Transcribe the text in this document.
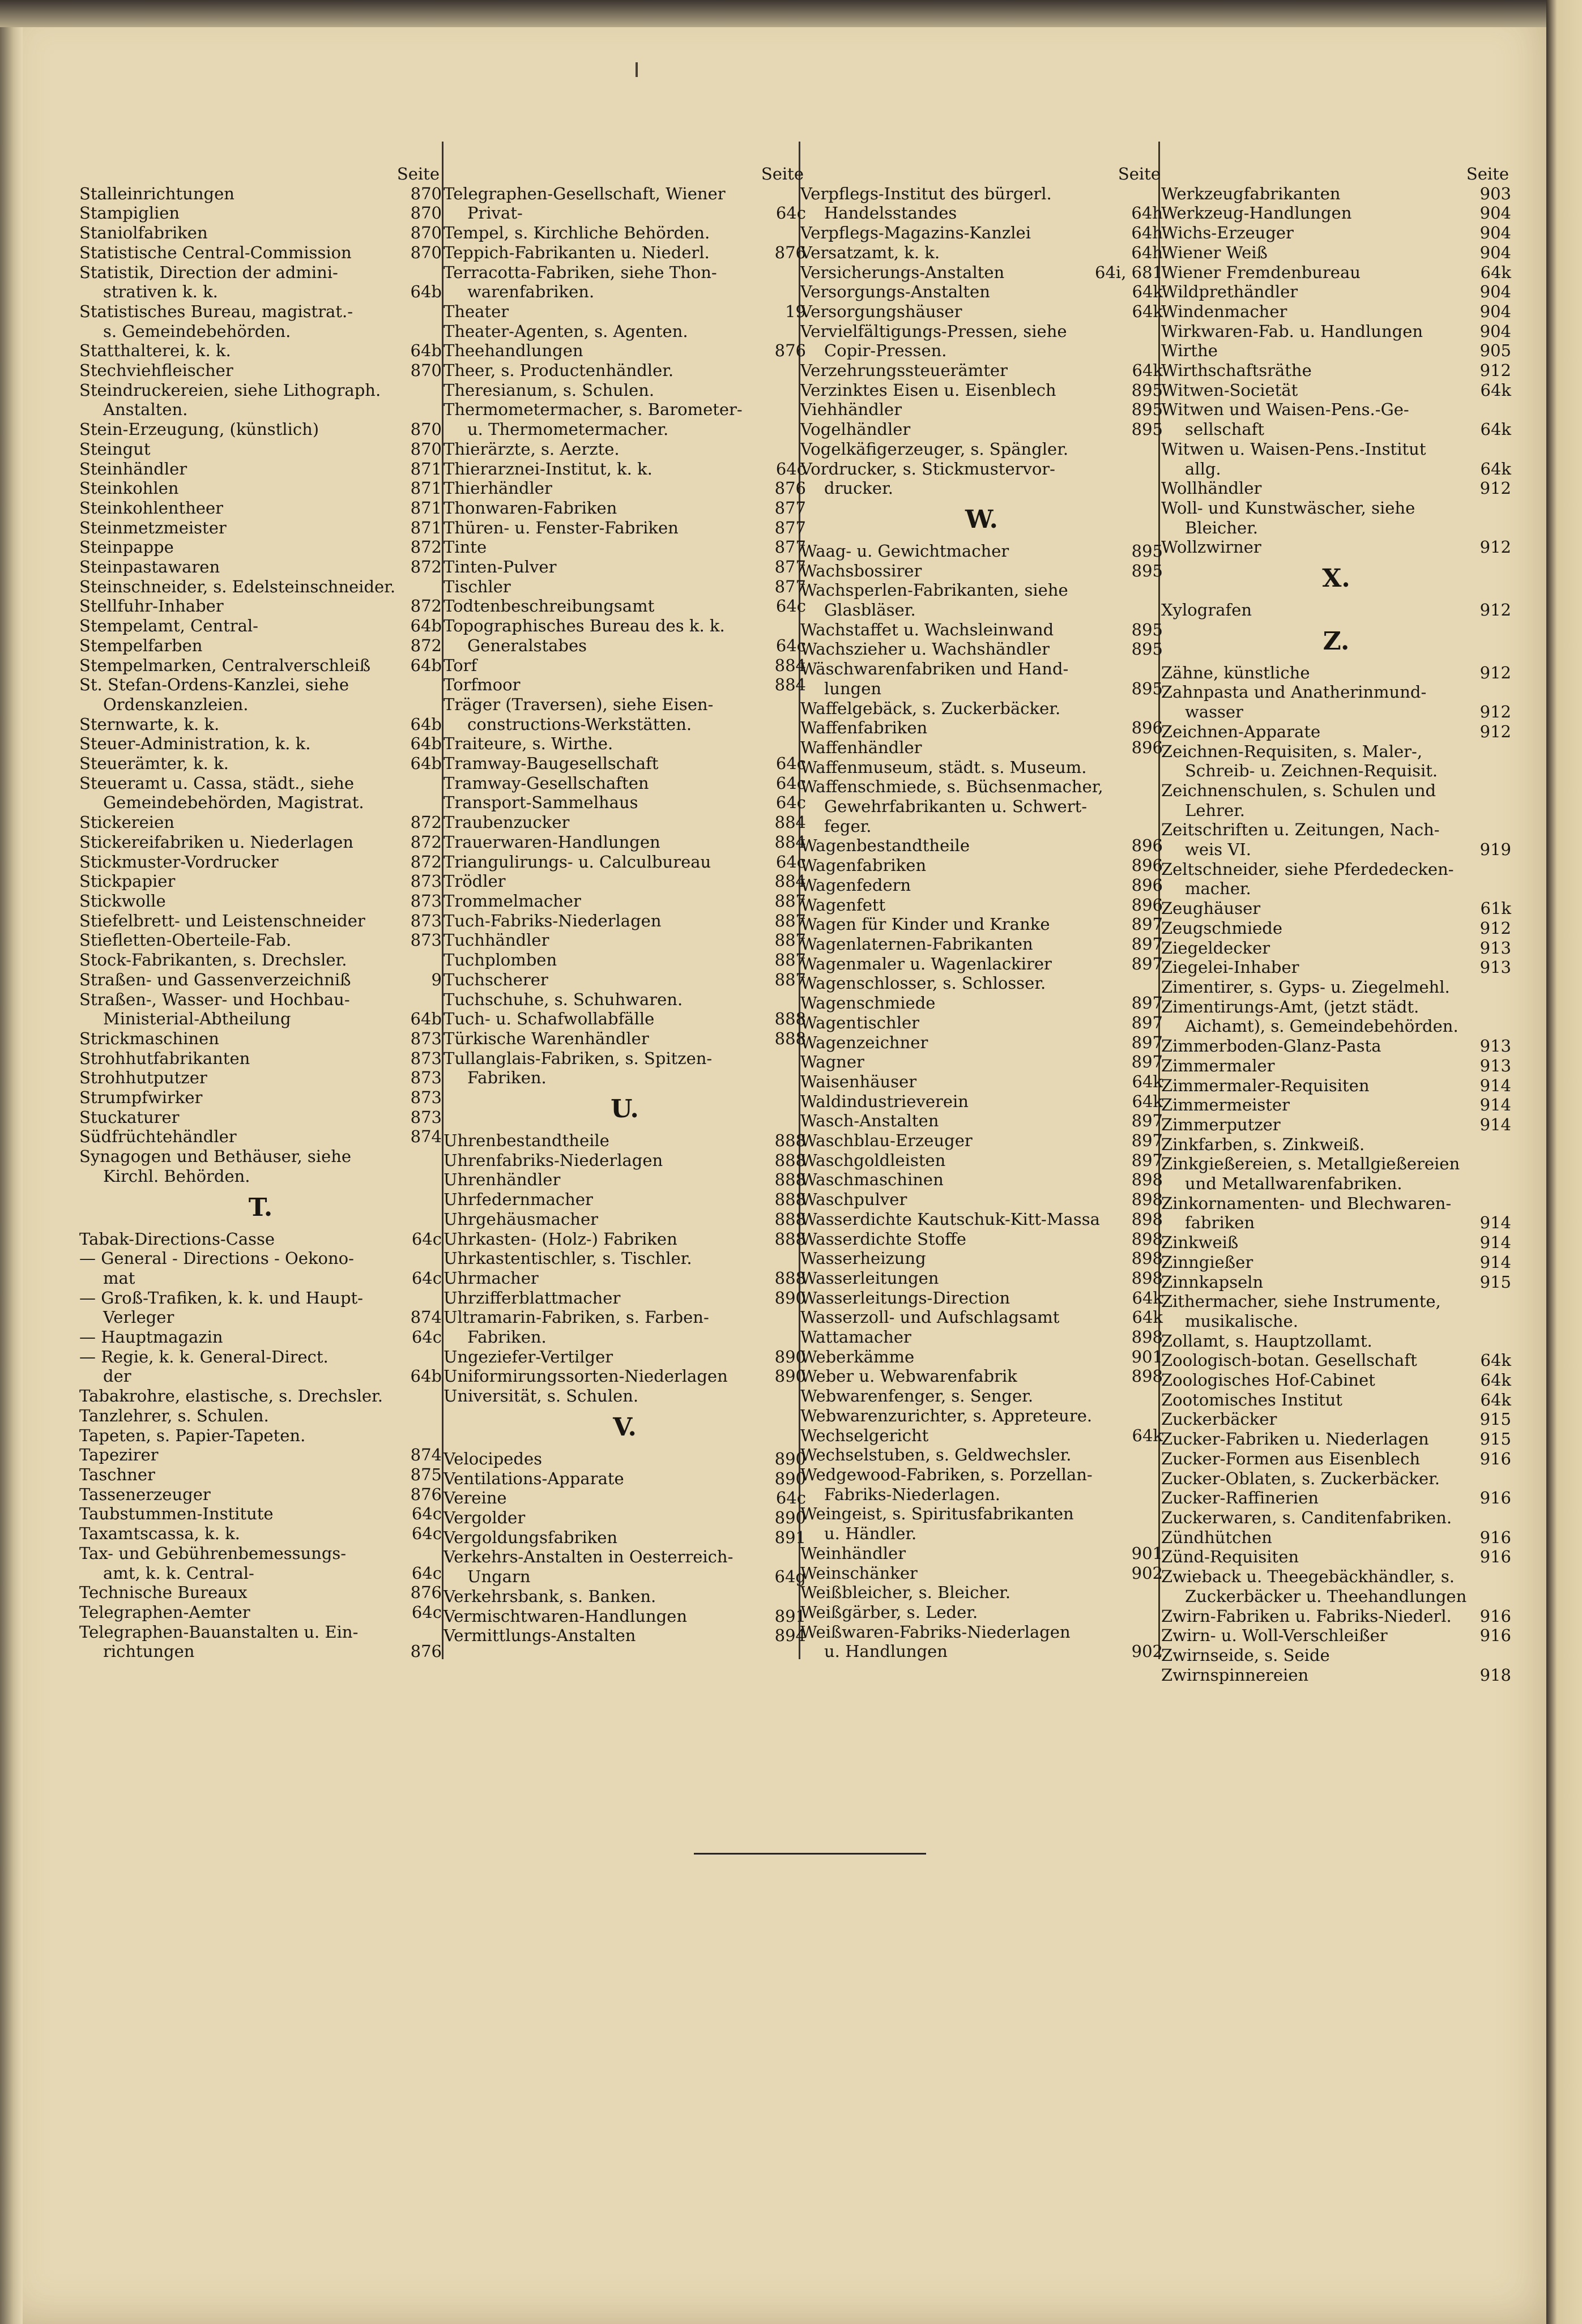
Seite
Stalleinrichtungen	870
Stampiglien	870
Staniolfabriken	870
Statistische Central-Commission	870
Statistik, Direction der admini-
strativen k. k.	64b
Statistisches Bureau, magistrat.-
s. Gemeindebehörden.
Statthalterei, k. k.	64b
Stechviehfleischer	870
Steindruckereien, siehe Lithograph.
Anstalten.
Stein-Erzeugung, (künstlich)	870
Steingut	870
Steinhändler	871
Steinkohlen	871
Steinkohlentheer	871
Steinmetzmeister	871
Steinpappe	872
Steinpastawaren	872
Steinschneider, s. Edelsteinschneider.
Stellfuhr-Inhaber	872
Stempelamt, Central-	64b
Stempelfarben	872
Stempelmarken, Centralverschleiß	64b
St. Stefan-Ordens-Kanzlei, siehe
Ordenskanzleien.
Sternwarte, k. k.	64b
Steuer-Administration, k. k.	64b
Steuerämter, k. k.	64b
Steueramt u. Cassa, städt., siehe
Gemeindebehörden, Magistrat.
Stickereien	872
Stickereifabriken u. Niederlagen	872
Stickmuster-Vordrucker	872
Stickpapier	873
Stickwolle	873
Stiefelbrett- und Leistenschneider	873
Stiefletten-Oberteile-Fab.	873
Stock-Fabrikanten, s. Drechsler.
Straßen- und Gassenverzeichniß	9
Straßen-, Wasser- und Hochbau-
Ministerial-Abtheilung	64b
Strickmaschinen	873
Strohhutfabrikanten	873
Strohhutputzer	873
Strumpfwirker	873
Stuckaturer	873
Südfrüchtehändler	874
Synagogen und Bethäuser, siehe
Kirchl. Behörden.
T.
Tabak-Directions-Casse	64c
— General - Directions - Oekono-
mat	64c
— Groß-Trafiken, k. k. und Haupt-
Verleger	874
— Hauptmagazin	64c
— Regie, k. k. General-Direct.
der	64b
Tabakrohre, elastische, s. Drechsler.
Tanzlehrer, s. Schulen.
Tapeten, s. Papier-Tapeten.
Tapezirer	874
Taschner	875
Tassenerzeuger	876
Taubstummen-Institute	64c
Taxamtscassa, k. k.	64c
Tax- und Gebührenbemessungs-
amt, k. k. Central-	64c
Technische Bureaux	876
Telegraphen-Aemter	64c
Telegraphen-Bauanstalten u. Ein-
richtungen	876
Seite
Telegraphen-Gesellschaft, Wiener
Privat-	64c
Tempel, s. Kirchliche Behörden.
Teppich-Fabrikanten u. Niederl.	876
Terracotta-Fabriken, siehe Thon-
warenfabriken.
Theater	19
Theater-Agenten, s. Agenten.
Theehandlungen	876
Theer, s. Productenhändler.
Theresianum, s. Schulen.
Thermometermacher, s. Barometer-
u. Thermometermacher.
Thierärzte, s. Aerzte.
Thierarznei-Institut, k. k.	64c
Thierhändler	876
Thonwaren-Fabriken	877
Thüren- u. Fenster-Fabriken	877
Tinte	877
Tinten-Pulver	877
Tischler	877
Todtenbeschreibungsamt	64c
Topographisches Bureau des k. k.
Generalstabes	64c
Torf	884
Torfmoor	884
Träger (Traversen), siehe Eisen-
constructions-Werkstätten.
Traiteure, s. Wirthe.
Tramway-Baugesellschaft	64c
Tramway-Gesellschaften	64c
Transport-Sammelhaus	64c
Traubenzucker	884
Trauerwaren-Handlungen	884
Triangulirungs- u. Calculbureau	64c
Trödler	884
Trommelmacher	887
Tuch-Fabriks-Niederlagen	887
Tuchhändler	887
Tuchplomben	887
Tuchscherer	887
Tuchschuhe, s. Schuhwaren.
Tuch- u. Schafwollabfälle	888
Türkische Warenhändler	888
Tullanglais-Fabriken, s. Spitzen-
Fabriken.
U.
Uhrenbestandtheile	888
Uhrenfabriks-Niederlagen	888
Uhrenhändler	888
Uhrfedernmacher	888
Uhrgehäusmacher	888
Uhrkasten- (Holz-) Fabriken	888
Uhrkastentischler, s. Tischler.
Uhrmacher	888
Uhrzifferblattmacher	890
Ultramarin-Fabriken, s. Farben-
Fabriken.
Ungeziefer-Vertilger	890
Uniformirungssorten-Niederlagen	890
Universität, s. Schulen.
V.
Velocipedes	890
Ventilations-Apparate	890
Vereine	64c
Vergolder	890
Vergoldungsfabriken	891
Verkehrs-Anstalten in Oesterreich-
Ungarn	64g
Verkehrsbank, s. Banken.
Vermischtwaren-Handlungen	891
Vermittlungs-Anstalten	894
Seite
Verpflegs-Institut des bürgerl.
Handelsstandes	64h
Verpflegs-Magazins-Kanzlei	64h
Versatzamt, k. k.	64h
Versicherungs-Anstalten	64i, 681
Versorgungs-Anstalten	64k
Versorgungshäuser	64k
Vervielfältigungs-Pressen, siehe
Copir-Pressen.
Verzehrungssteuerämter	64k
Verzinktes Eisen u. Eisenblech	895
Viehhändler	895
Vogelhändler	895
Vogelkäfigerzeuger, s. Spängler.
Vordrucker, s. Stickmustervor-
drucker.
W.
Waag- u. Gewichtmacher	895
Wachsbossirer	895
Wachsperlen-Fabrikanten, siehe
Glasbläser.
Wachstaffet u. Wachsleinwand	895
Wachszieher u. Wachshändler	895
Wäschwarenfabriken und Hand-
lungen	895
Waffelgebäck, s. Zuckerbäcker.
Waffenfabriken	896
Waffenhändler	896
Waffenmuseum, städt. s. Museum.
Waffenschmiede, s. Büchsenmacher,
Gewehrfabrikanten u. Schwert-
feger.
Wagenbestandtheile	896
Wagenfabriken	896
Wagenfedern	896
Wagenfett	896
Wagen für Kinder und Kranke	897
Wagenlaternen-Fabrikanten	897
Wagenmaler u. Wagenlackirer	897
Wagenschlosser, s. Schlosser.
Wagenschmiede	897
Wagentischler	897
Wagenzeichner	897
Wagner	897
Waisenhäuser	64k
Waldindustrieverein	64k
Wasch-Anstalten	897
Waschblau-Erzeuger	897
Waschgoldleisten	897
Waschmaschinen	898
Waschpulver	898
Wasserdichte Kautschuk-Kitt-Massa	898
Wasserdichte Stoffe	898
Wasserheizung	898
Wasserleitungen	898
Wasserleitungs-Direction	64k
Wasserzoll- und Aufschlagsamt	64k
Wattamacher	898
Weberkämme	901
Weber u. Webwarenfabrik	898
Webwarenfenger, s. Senger.
Webwarenzurichter, s. Appreteure.
Wechselgericht	64k
Wechselstuben, s. Geldwechsler.
Wedgewood-Fabriken, s. Porzellan-
Fabriks-Niederlagen.
Weingeist, s. Spiritusfabrikanten
u. Händler.
Weinhändler	901
Weinschänker	902
Weißbleicher, s. Bleicher.
Weißgärber, s. Leder.
Weißwaren-Fabriks-Niederlagen
u. Handlungen	902
Seite
Werkzeugfabrikanten	903
Werkzeug-Handlungen	904
Wichs-Erzeuger	904
Wiener Weiß	904
Wiener Fremdenbureau	64k
Wildprethändler	904
Windenmacher	904
Wirkwaren-Fab. u. Handlungen	904
Wirthe	905
Wirthschaftsräthe	912
Witwen-Societät	64k
Witwen und Waisen-Pens.-Ge-
sellschaft	64k
Witwen u. Waisen-Pens.-Institut
allg.	64k
Wollhändler	912
Woll- und Kunstwäscher, siehe
Bleicher.
Wollzwirner	912
X.
Xylografen	912
Z.
Zähne, künstliche	912
Zahnpasta und Anatherinmund-
wasser	912
Zeichnen-Apparate	912
Zeichnen-Requisiten, s. Maler-,
Schreib- u. Zeichnen-Requisit.
Zeichnenschulen, s. Schulen und
Lehrer.
Zeitschriften u. Zeitungen, Nach-
weis VI.	919
Zeltschneider, siehe Pferdedecken-
macher.
Zeughäuser	61k
Zeugschmiede	912
Ziegeldecker	913
Ziegelei-Inhaber	913
Zimentirer, s. Gyps- u. Ziegelmehl.
Zimentirungs-Amt, (jetzt städt.
Aichamt), s. Gemeindebehörden.
Zimmerboden-Glanz-Pasta	913
Zimmermaler	913
Zimmermaler-Requisiten	914
Zimmermeister	914
Zimmerputzer	914
Zinkfarben, s. Zinkweiß.
Zinkgießereien, s. Metallgießereien
und Metallwarenfabriken.
Zinkornamenten- und Blechwaren-
fabriken	914
Zinkweiß	914
Zinngießer	914
Zinnkapseln	915
Zithermacher, siehe Instrumente,
musikalische.
Zollamt, s. Hauptzollamt.
Zoologisch-botan. Gesellschaft	64k
Zoologisches Hof-Cabinet	64k
Zootomisches Institut	64k
Zuckerbäcker	915
Zucker-Fabriken u. Niederlagen	915
Zucker-Formen aus Eisenblech	916
Zucker-Oblaten, s. Zuckerbäcker.
Zucker-Raffinerien	916
Zuckerwaren, s. Canditenfabriken.
Zündhütchen	916
Zünd-Requisiten	916
Zwieback u. Theegebäckhändler, s.
Zuckerbäcker u. Theehandlungen
Zwirn-Fabriken u. Fabriks-Niederl.	916
Zwirn- u. Woll-Verschleißer	916
Zwirnseide, s. Seide
Zwirnspinnereien	918
